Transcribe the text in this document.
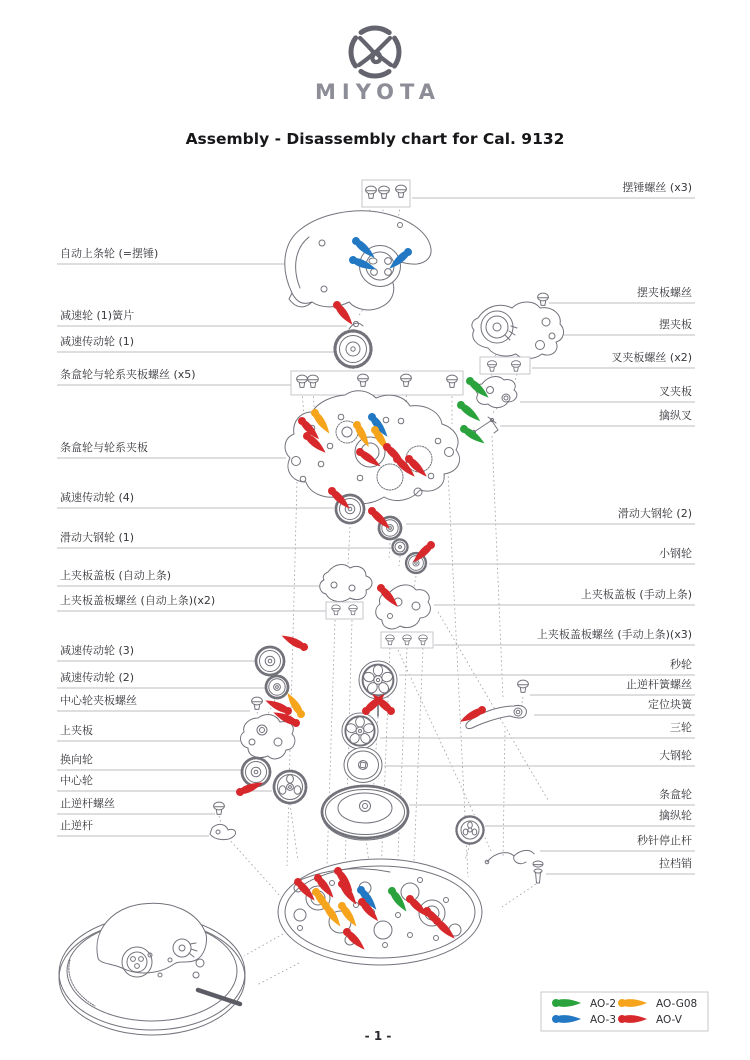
MIYOTA
Assembly - Disassembly chart for Cal. 9132
自动上条轮 (=摆锤)
减速轮 (1)簧片
减速传动轮 (1)
条盒轮与轮系夹板螺丝 (x5)
条盒轮与轮系夹板
减速传动轮 (4)
滑动大钢轮 (1)
上夹板盖板 (自动上条)
上夹板盖板螺丝 (自动上条)(x2)
减速传动轮 (3)
减速传动轮 (2)
中心轮夹板螺丝
上夹板
换向轮
中心轮
止逆杆螺丝
止逆杆
摆锤螺丝 (x3)
摆夹板螺丝
摆夹板
叉夹板螺丝 (x2)
叉夹板
擒纵叉
滑动大钢轮 (2)
小钢轮
上夹板盖板 (手动上条)
上夹板盖板螺丝 (手动上条)(x3)
秒轮
止逆杆簧螺丝
定位块簧
三轮
大钢轮
条盒轮
擒纵轮
秒针停止杆
拉档销
AO-2
AO-3
AO-G08
AO-V
- 1 -
